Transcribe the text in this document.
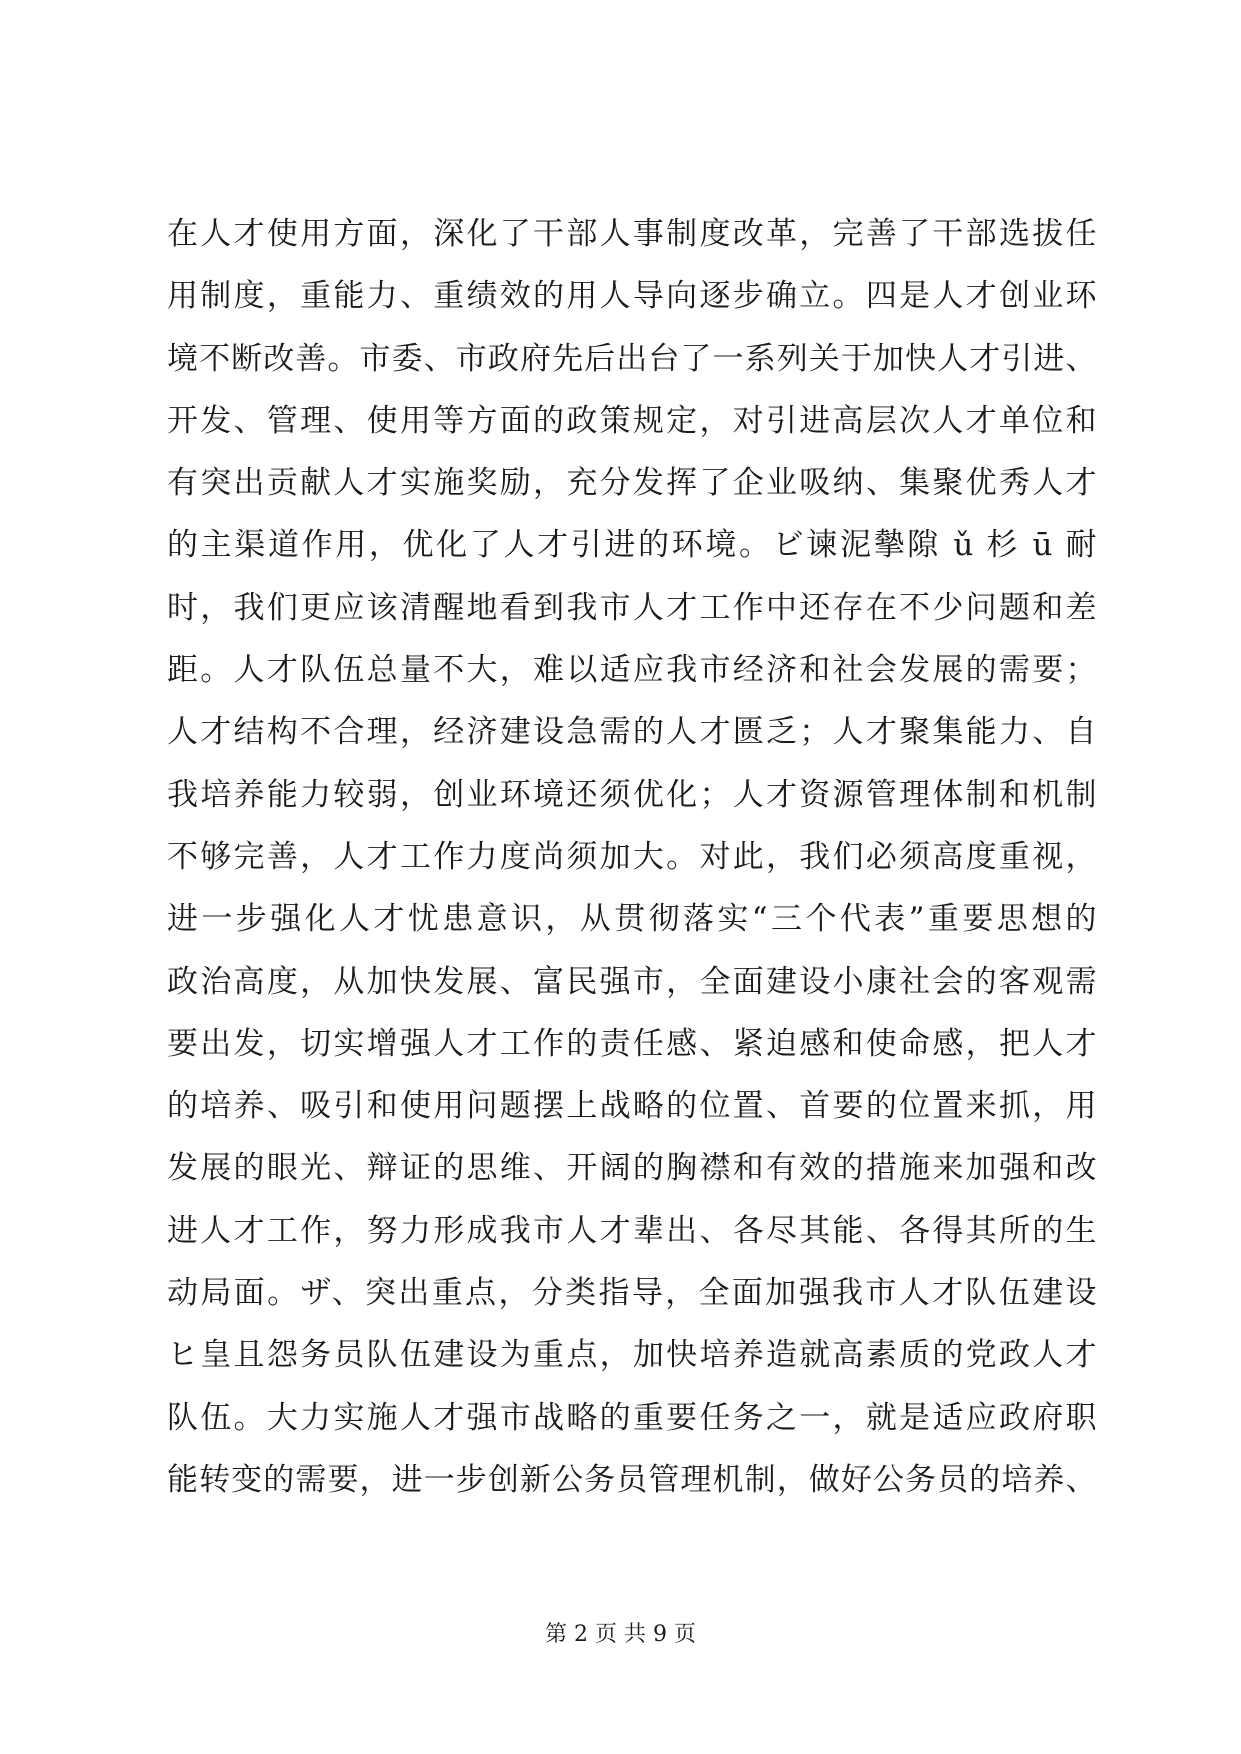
在人才使用方面，深化了干部人事制度改革，完善了干部选拔任
用制度，重能力、重绩效的用人导向逐步确立。四是人才创业环
境不断改善。市委、市政府先后出台了一系列关于加快人才引进、
开发、管理、使用等方面的政策规定，对引进高层次人才单位和
有突出贡献人才实施奖励，充分发挥了企业吸纳、集聚优秀人才
的主渠道作用，优化了人才引进的环境。ビ谏泥摰隙 ǔ 杉 ū 耐
时，我们更应该清醒地看到我市人才工作中还存在不少问题和差
距。人才队伍总量不大，难以适应我市经济和社会发展的需要；
人才结构不合理，经济建设急需的人才匮乏；人才聚集能力、自
我培养能力较弱，创业环境还须优化；人才资源管理体制和机制
不够完善，人才工作力度尚须加大。对此，我们必须高度重视，
进一步强化人才忧患意识，从贯彻落实“三个代表”重要思想的
政治高度，从加快发展、富民强市，全面建设小康社会的客观需
要出发，切实增强人才工作的责任感、紧迫感和使命感，把人才
的培养、吸引和使用问题摆上战略的位置、首要的位置来抓，用
发展的眼光、辩证的思维、开阔的胸襟和有效的措施来加强和改
进人才工作，努力形成我市人才辈出、各尽其能、各得其所的生
动局面。ザ、突出重点，分类指导，全面加强我市人才队伍建设
ヒ皇且怨务员队伍建设为重点，加快培养造就高素质的党政人才
队伍。大力实施人才强市战略的重要任务之一，就是适应政府职
能转变的需要，进一步创新公务员管理机制，做好公务员的培养、
第 2 页 共 9 页
